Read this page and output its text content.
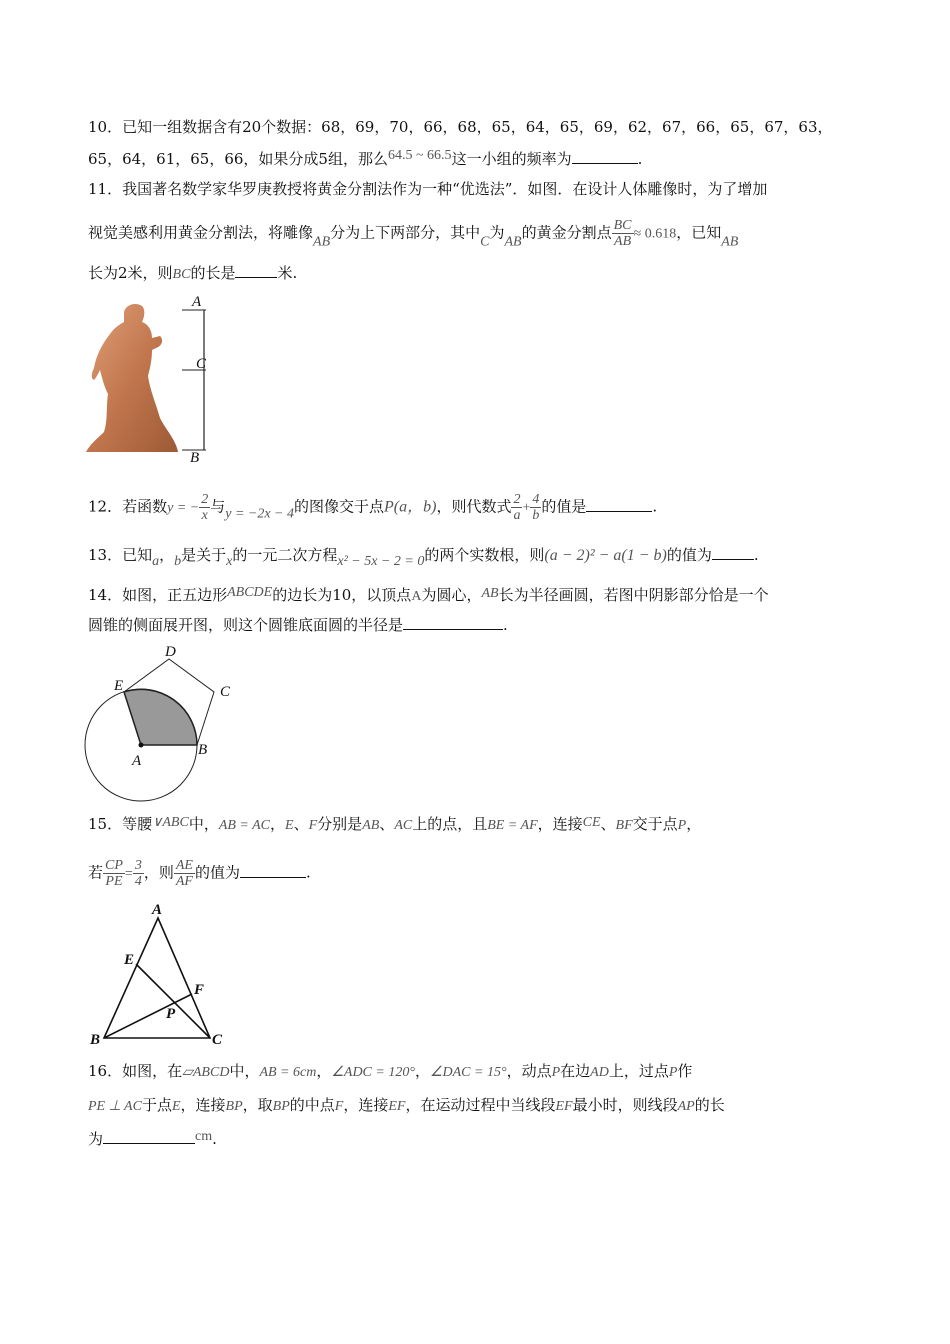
10．已知一组数据含有20个数据：68，69，70，66，68，65，64，65，69，62，67，66，65，67，63，
65，64，61，65，66，如果分成5组，那么64.5 ~ 66.5这一小组的频率为	.
11．我国著名数学家华罗庚教授将黄金分割法作为一种“优选法”．如图．在设计人体雕像时，为了增加
视觉美感利用黄金分割法，将雕像AB分为上下两部分，其中C为AB的黄金分割点 $\frac{BC}{AB} \approx 0.618$，已知AB
长为2米，则BC的长是	米.
A
C
B
12．若函数y = − $\frac{2}{x}$ 与y = −2x − 4的图像交于点P(a，b)，则代数式 $\frac{2}{a} + \frac{4}{b}$ 的值是	.
13．已知a，b是关于x的一元二次方程x² − 5x − 2 = 0的两个实数根，则(a − 2)² − a(1 − b)的值为	.
14．如图，正五边形ABCDE的边长为10，以顶点A为圆心，AB长为半径画圆，若图中阴影部分恰是一个
圆锥的侧面展开图，则这个圆锥底面圆的半径是	.
D
E	C
A
B
15．等腰∨ABC中，AB = AC，E、F分别是AB、AC上的点，且BE = AF，连接CE、BF交于点P，
若 $\frac{CP}{PE} = \frac{3}{4}$ ，则 $\frac{AE}{AF}$ 的值为	.
A
E
F
P
B	C
16．如图，在▱ABCD中，AB = 6cm，∠ADC = 120°，∠DAC = 15°，动点P在边AD上，过点P作
PE ⊥ AC于点E，连接BP，取BP的中点F，连接EF，在运动过程中当线段EF最小时，则线段AP的长
为	cm.
